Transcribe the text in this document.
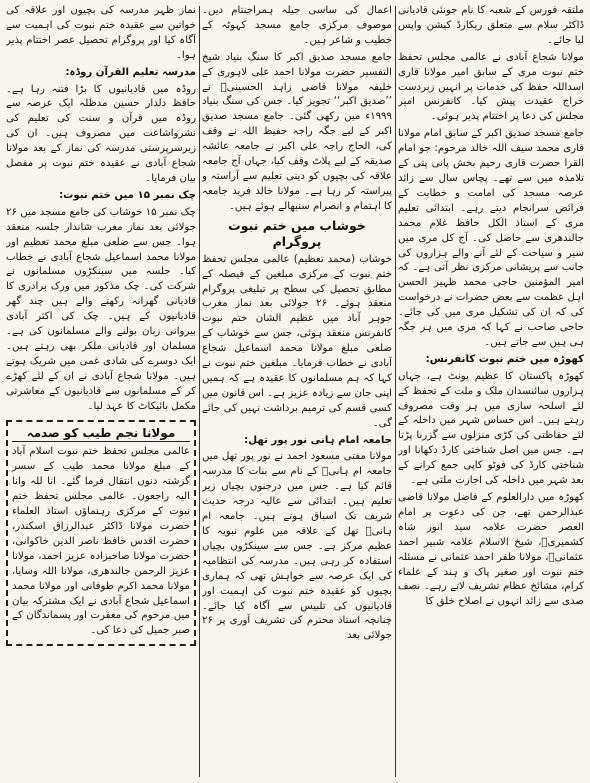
ملتقہ فورس کے شعبہ کا نام جونئی قادیانی ڈاکٹر سلام سے متعلق ریکارڈ کیشن واپس لیا جائے۔

مولانا شجاع آبادی نے عالمی مجلس تحفظ ختم نبوت مری کے سابق امیر مولانا قاری اسداللہ حفظ کی خدمات پر انہیں زبردست خراج عقیدت پیش کیا۔ کانفرنس امیر مجلس کی دعا پر اختتام پذیر ہوئی۔

جامع مسجد صدیق اکبر کے سابق امام مولانا قاری محمد سیف اللہ خالد مرحوم: جو امام القرا حضرت قاری رحیم بخش پانی پتی کے تلامذہ میں سے تھے۔ پچاس سال سے زائد عرصہ مسجد کی امامت و خطابت کے فرائض سرانجام دیتے رہے۔ ابتدائی تعلیم مری کے استاذ الکل حافظ غلام محمد جالندھری سے حاصل کی۔ آج کل مری میں سیر و سیاحت کے لئے آنے والے ہزاروں کی جانب سے پریشانی مرکزی نظر آتی ہے۔ کہ امیر المؤمنین حاجی محمد ظہیر الحسن اہل عظمت سے بعض حضرات نے درخواست کی کہ ان کی تشکیل مری میں کی جائے۔ حاجی صاحب نے کہا کہ مری میں ہر جگہ ہی ہیں سے جاتے ہیں۔

کھوڑہ میں ختم نبوت کانفرنس:

کھوڑہ پاکستان کا عظیم یونٹ ہے، جہاں ہزاروں سائنسدان ملک و ملت کے تحفظ کے لئے اسلحہ سازی میں ہر وقت مصروف رہتے ہیں۔ اس حساس شہر میں داخلہ کے لئے حفاظتی کی کڑی منزلوں سے گزرنا پڑتا ہے۔ جس میں اصل شناختی کارڈ دکھانا اور شناختی کارڈ کی فوٹو کاپی جمع کرانے کے بعد شہر میں داخلہ کی اجازت ملتی ہے۔

کھوڑہ میں دارالعلوم کے فاضل مولانا قاضی عبدالرحمن تھے، جن کی دعوت پر امام العصر حضرت علامہ سید انور شاہ کشمیریؒ، شیخ الاسلام علامہ شبیر احمد عثمانیؒ، مولانا ظفر احمد عثمانی نے مسئلہ ختم نبوت اور صغیر پاک و ہند کے علماء کرام، مشائخ عظام تشریف لاتے رہے۔ نصف صدی سے زائد انہوں نے اصلاح خلق کا

اعمال کی ساسی جیلہ ہمراجنتام دیں۔ موصوف مرکزی جامع مسجد کہوٹہ کے خطیب و شاعر ہیں۔

جامع مسجد صدیق اکبر کا سنگ بنیاد شیخ التفسیر حضرت مولانا احمد علی لاہوری کے خلیفہ مولانا قاضی زاہد الحسینیؒ نے ’’صدیق اکبر‘‘ تجویز کیا۔ جس کی سنگ بنیاد ۱۹۹۹ء میں رکھی گئی۔ جامع مسجد صدیق اکبر کے لیے جگہ راجہ حفیظ اللہ نے وقف کی، الحاج راجہ علی اکبر نے جامعہ عائشہ صدیقہ کے لیے پلاٹ وقف کیا، جہاں آج جامعہ علاقہ کی بچیوں کو دینی تعلیم سے آراستہ و پیراستہ کر رہا ہے۔ مولانا خالد فرید جامعہ کا اہتمام و انصرام سنبھالے ہوئے ہیں۔

خوشاب میں ختم نبوت پروگرام

خوشاب (محمد تعظیم) عالمی مجلس تحفظ ختم نبوت کے مرکزی مبلغین کے فیصلہ کے مطابق تحصیل کی سطح پر تبلیغی پروگرام منعقد ہوئے۔ ۲۶ جولائی بعد نماز مغرب جوہر آباد میں عظیم الشان ختم نبوت کانفرنس منعقد ہوئی، جس سے خوشاب کے ضلعی مبلغ مولانا محمد اسماعیل شجاع آبادی نے خطاب فرمایا۔ مبلغین ختم نبوت نے کہا کہ ہم مسلمانوں کا عقیدہ ہے کہ ہمیں اپنی جان سے زیادہ عزیز ہے۔ اس قانون میں کسی قسم کی ترمیم برداشت نہیں کی جائے گی۔

جامعہ امام ہانی نور پور تھل:

مولانا مفتی مسعود احمد نے نور پور تھل میں جامعہ ام ہانیؓ کے نام سے بنات کا مدرسہ قائم کیا ہے۔ جس میں درجنوں بچیاں زیر تعلیم ہیں۔ ابتدائی سے عالیہ درجہ حدیث شریف تک اسباق ہوتے ہیں۔ جامعہ ام ہانیؓ تھل کے علاقہ میں علوم نبویہ کا عظیم مرکز ہے۔ جس سے سینکڑوں بچیاں استفادہ کر رہی ہیں۔ مدرسہ کی انتظامیہ کی ایک عرصہ سے خواہش تھی کہ ہماری بچیوں کو عقیدہ ختم نبوت کی اہمیت اور قادیانیوں کی تلبیس سے آگاہ کیا جائے۔ چنانچہ استاذ محترم کی تشریف آوری پر ۲۶ جولائی بعد

نماز ظہر مدرسہ کی بچیوں اور علاقہ کی خواتین سے عقیدہ ختم نبوت کی اہمیت سے آگاہ کیا اور پروگرام تحصیل عصر اختتام پذیر ہوا۔

مدرسہ تعلیم القرآن روڈہ:

روڈہ میں قادیانیوں کا بڑا فتنہ رہا ہے۔ حافظ دلدار حسین مدظلہ ایک عرصہ سے روڈہ میں قرآن و سنت کی تعلیم کی نشرواشاعت میں مصروف ہیں۔ ان کی زیرسرپرستی مدرسہ کی نماز کے بعد مولانا شجاع آبادی نے عقیدہ ختم نبوت پر مفصل بیان فرمایا۔

چک نمبر ۱۵ میں ختم نبوت:

چک نمبر ۱۵ خوشاب کی جامع مسجد میں ۲۶ جولائی بعد نماز مغرب شاندار جلسہ منعقد ہوا۔ جس سے ضلعی مبلغ محمد تعظیم اور مولانا محمد اسماعیل شجاع آبادی نے خطاب کیا۔ جلسہ میں سینکڑوں مسلمانوں نے شرکت کی۔ چک مذکور میں ورک برادری کا قادیانی گھرانہ رکھتے والے ہیں چند گھر قادیانیوں کے ہیں۔ چک کی اکثر آبادی بیروانی زبان بولنے والے مسلمانوں کی ہے۔ مسلمان اور قادیانی ملکر بھی رہتے ہیں۔ ایک دوسرے کی شادی غمی میں شریک ہوتے ہیں۔ مولانا شجاع آبادی نے ان کے لئے کھڑے کر کے مسلمانوں سے قادیانیوں کے معاشرتی مکمل بائیکاٹ کا عہد لیا۔

مولانا نجم طیب کو صدمہ

عالمی مجلس تحفظ ختم نبوت اسلام آباد کے مبلغ مولانا محمد طیب کے سسر گزشتہ دنوں انتقال فرما گئے۔ انا للہ وانا الیہ راجعون۔ عالمی مجلس تحفظ ختم نبوت کے مرکزی رہنماؤں استاذ العلماء حضرت مولانا ڈاکٹر عبدالرزاق اسکندر، حضرت اقدس حافظ ناصر الدین خاکوانی، حضرت مولانا صاحبزادہ عزیز احمد، مولانا عزیز الرحمن جالندھری، مولانا اللہ وسایا، مولانا محمد اکرم طوفانی اور مولانا محمد اسماعیل شجاع آبادی نے ایک مشترکہ بیان میں مرحوم کی مغفرت اور پسماندگان کے صبر جمیل کی دعا کی۔
